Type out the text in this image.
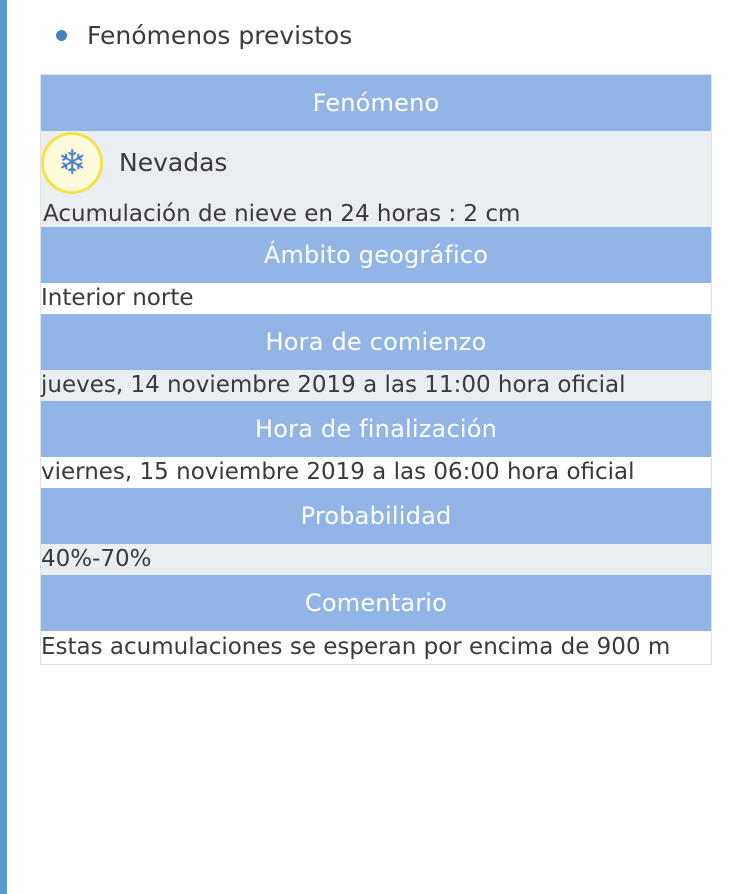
Fenómenos previstos
Fenómeno

❄ Nevadas
Acumulación de nieve en 24 horas : 2 cm

Ámbito geográfico
Interior norte
Hora de comienzo
jueves, 14 noviembre 2019 a las 11:00 hora oficial
Hora de finalización
viernes, 15 noviembre 2019 a las 06:00 hora oficial
Probabilidad
40%-70%
Comentario
Estas acumulaciones se esperan por encima de 900 m
